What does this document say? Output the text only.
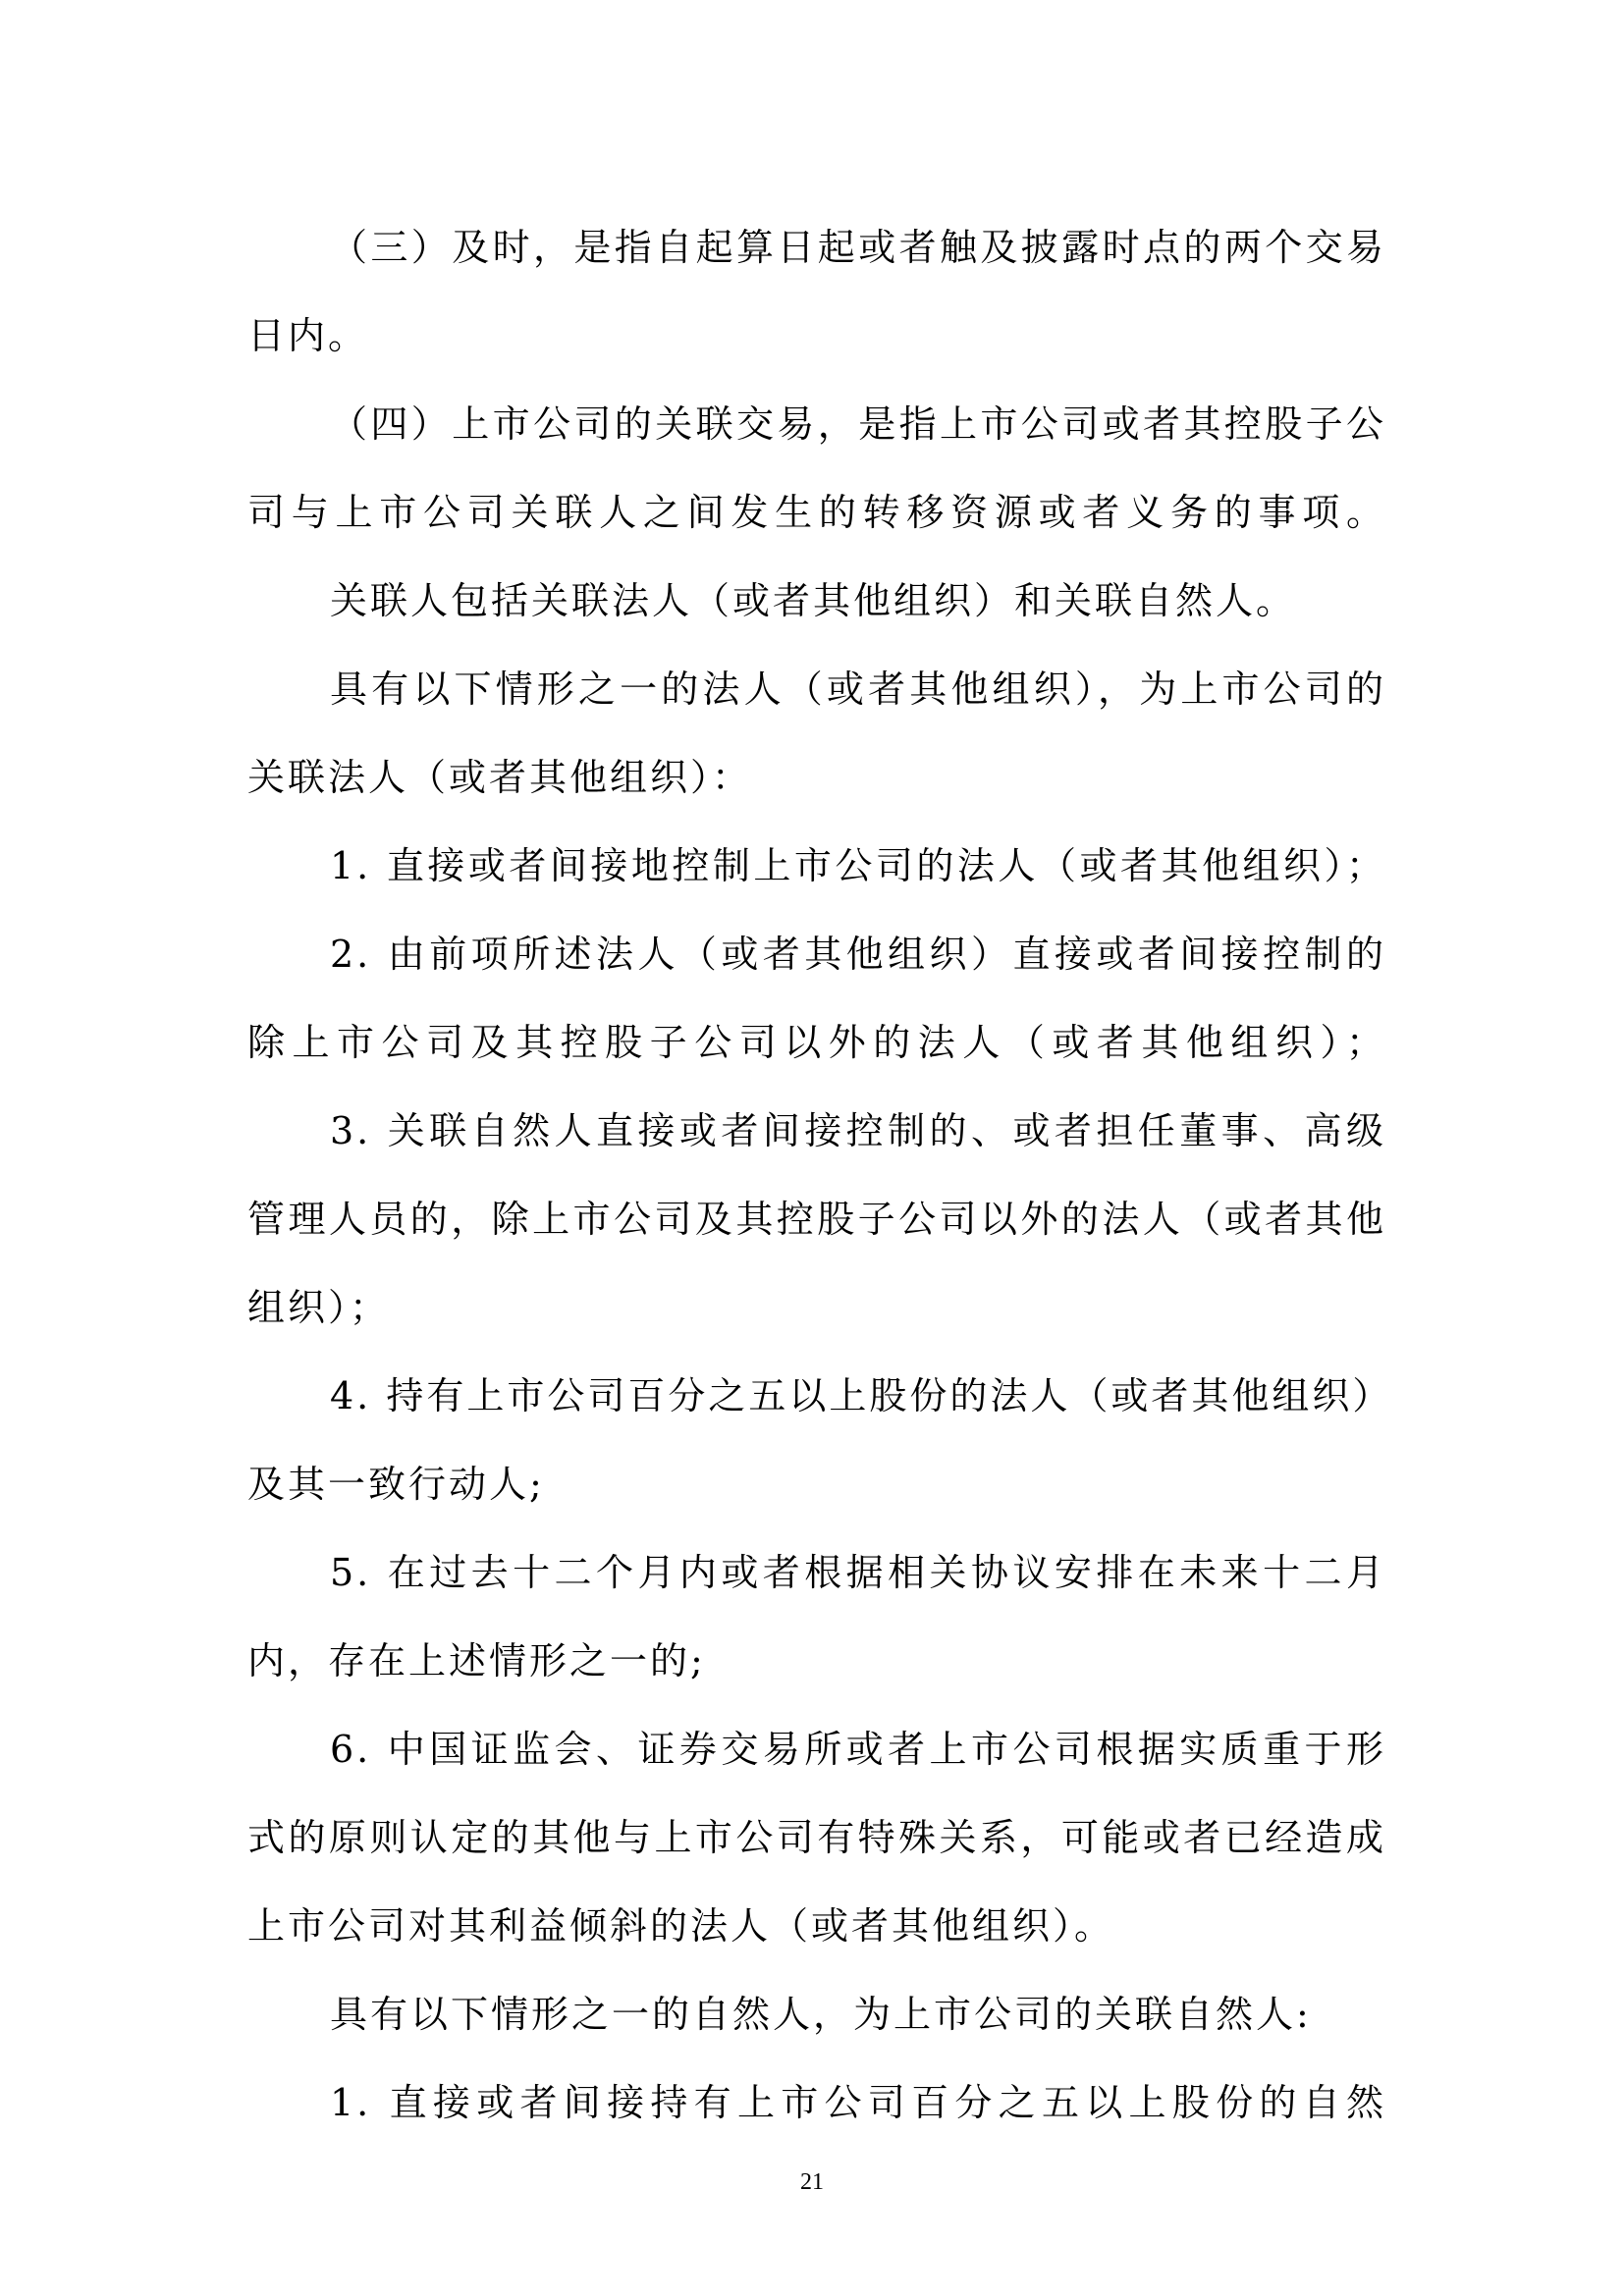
（三）及时，是指自起算日起或者触及披露时点的两个交易
日内。
（四）上市公司的关联交易，是指上市公司或者其控股子公
司与上市公司关联人之间发生的转移资源或者义务的事项。
关联人包括关联法人（或者其他组织）和关联自然人。
具有以下情形之一的法人（或者其他组织），为上市公司的
关联法人（或者其他组织）：
1. 直接或者间接地控制上市公司的法人（或者其他组织）；
2. 由前项所述法人（或者其他组织）直接或者间接控制的
除上市公司及其控股子公司以外的法人（或者其他组织）；
3. 关联自然人直接或者间接控制的、或者担任董事、高级
管理人员的，除上市公司及其控股子公司以外的法人（或者其他
组织）；
4. 持有上市公司百分之五以上股份的法人（或者其他组织）
及其一致行动人;
5. 在过去十二个月内或者根据相关协议安排在未来十二月
内，存在上述情形之一的;
6. 中国证监会、证券交易所或者上市公司根据实质重于形
式的原则认定的其他与上市公司有特殊关系，可能或者已经造成
上市公司对其利益倾斜的法人（或者其他组织）。
具有以下情形之一的自然人，为上市公司的关联自然人:
1. 直接或者间接持有上市公司百分之五以上股份的自然
21
